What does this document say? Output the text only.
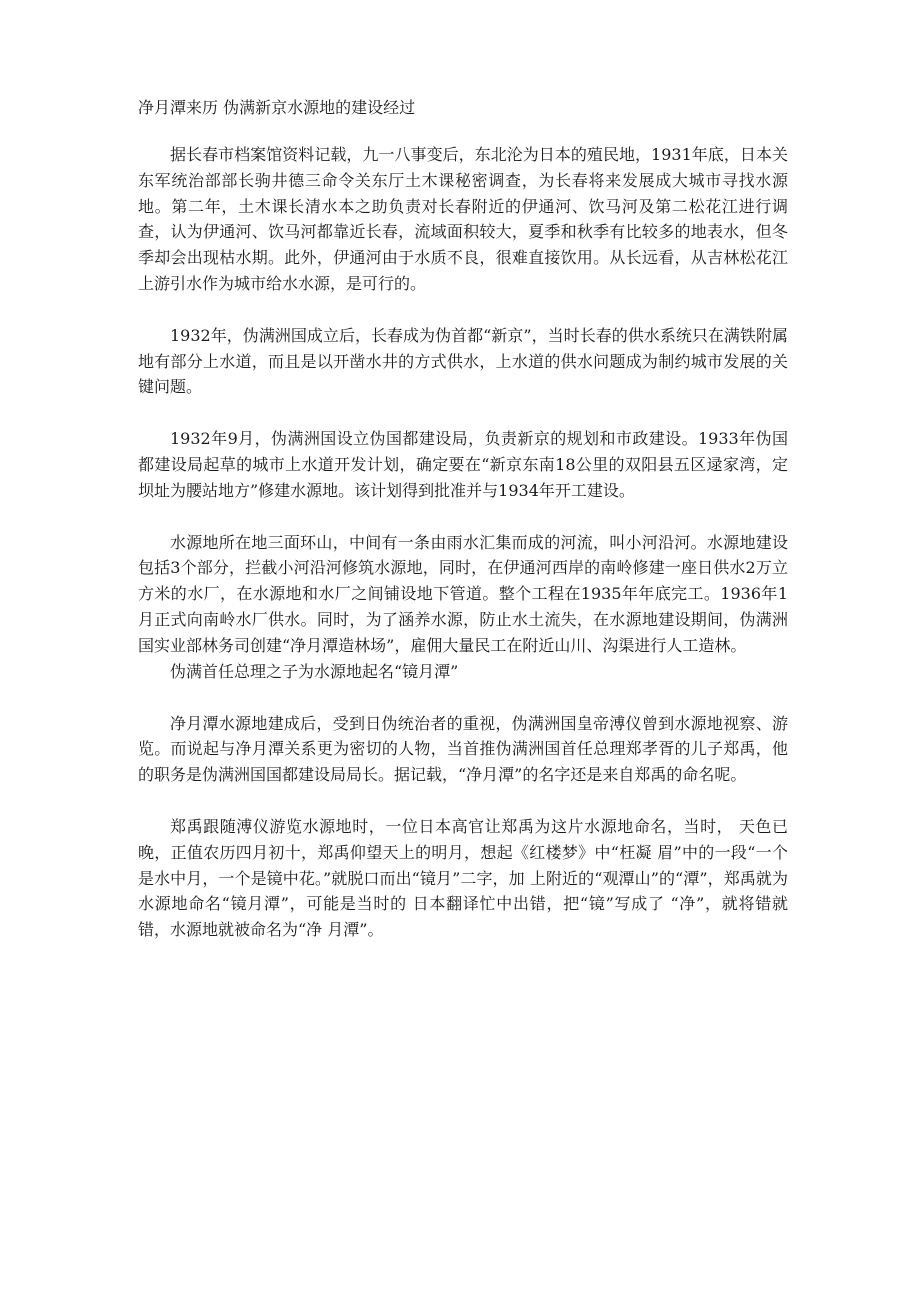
净月潭来历 伪满新京水源地的建设经过

据长春市档案馆资料记载，九一八事变后，东北沦为日本的殖民地，1931年底，日本关东军统治部部长驹井德三命令关东厅土木课秘密调查，为长春将来发展成大城市寻找水源地。第二年，土木课长清水本之助负责对长春附近的伊通河、饮马河及第二松花江进行调查，认为伊通河、饮马河都靠近长春，流域面积较大，夏季和秋季有比较多的地表水，但冬季却会出现枯水期。此外，伊通河由于水质不良，很难直接饮用。从长远看，从吉林松花江上游引水作为城市给水水源，是可行的。

1932年，伪满洲国成立后，长春成为伪首都“新京”，当时长春的供水系统只在满铁附属地有部分上水道，而且是以开凿水井的方式供水，上水道的供水问题成为制约城市发展的关键问题。

1932年9月，伪满洲国设立伪国都建设局，负责新京的规划和市政建设。1933年伪国都建设局起草的城市上水道开发计划，确定要在“新京东南18公里的双阳县五区逯家湾，定坝址为腰站地方”修建水源地。该计划得到批准并与1934年开工建设。

水源地所在地三面环山，中间有一条由雨水汇集而成的河流，叫小河沿河。水源地建设包括3个部分，拦截小河沿河修筑水源地，同时，在伊通河西岸的南岭修建一座日供水2万立方米的水厂，在水源地和水厂之间铺设地下管道。整个工程在1935年年底完工。1936年1月正式向南岭水厂供水。同时，为了涵养水源，防止水土流失，在水源地建设期间，伪满洲国实业部林务司创建“净月潭造林场”，雇佣大量民工在附近山川、沟渠进行人工造林。

伪满首任总理之子为水源地起名“镜月潭”

净月潭水源地建成后，受到日伪统治者的重视，伪满洲国皇帝溥仪曾到水源地视察、游览。而说起与净月潭关系更为密切的人物，当首推伪满洲国首任总理郑孝胥的儿子郑禹，他的职务是伪满洲国国都建设局局长。据记载，“净月潭”的名字还是来自郑禹的命名呢。

郑禹跟随溥仪游览水源地时，一位日本高官让郑禹为这片水源地命名，当时， 天色已晚，正值农历四月初十，郑禹仰望天上的明月，想起《红楼梦》中“枉凝 眉”中的一段“一个是水中月，一个是镜中花。”就脱口而出“镜月”二字，加 上附近的“观潭山”的“潭”，郑禹就为水源地命名“镜月潭”，可能是当时的 日本翻译忙中出错，把“镜”写成了 “净”，就将错就错，水源地就被命名为“净 月潭”。
